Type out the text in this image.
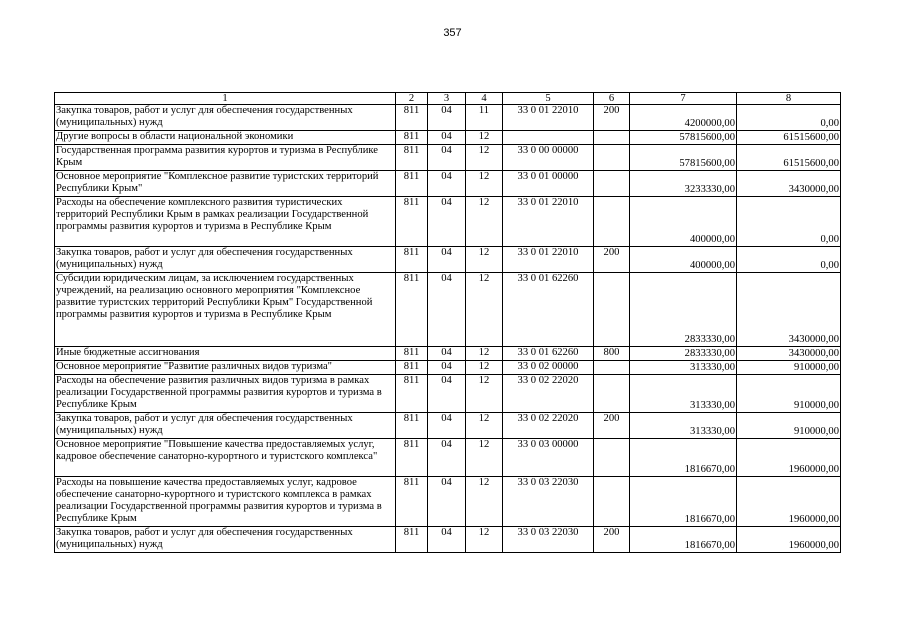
357
1	2	3	4	5	6	7	8
Закупка товаров, работ и услуг для обеспечения государственных (муниципальных) нужд	811	04	11	33 0 01 22010	200	4200000,00	0,00
Другие вопросы в области национальной экономики	811	04	12			57815600,00	61515600,00
Государственная программа развития курортов и туризма в Республике Крым	811	04	12	33 0 00 00000		57815600,00	61515600,00
Основное мероприятие "Комплексное развитие туристских территорий Республики Крым"	811	04	12	33 0 01 00000		3233330,00	3430000,00
Расходы на обеспечение комплексного развития туристических территорий Республики Крым в рамках реализации Государственной программы развития курортов и туризма в Республике Крым	811	04	12	33 0 01 22010		400000,00	0,00
Закупка товаров, работ и услуг для обеспечения государственных (муниципальных) нужд	811	04	12	33 0 01 22010	200	400000,00	0,00
Субсидии юридическим лицам, за исключением государственных учреждений, на реализацию основного мероприятия "Комплексное развитие туристских территорий Республики Крым" Государственной программы развития курортов и туризма в Республике Крым	811	04	12	33 0 01 62260		2833330,00	3430000,00
Иные бюджетные ассигнования	811	04	12	33 0 01 62260	800	2833330,00	3430000,00
Основное мероприятие "Развитие различных видов туризма"	811	04	12	33 0 02 00000		313330,00	910000,00
Расходы на обеспечение развития различных видов туризма в рамках реализации Государственной программы развития курортов и туризма в Республике Крым	811	04	12	33 0 02 22020		313330,00	910000,00
Закупка товаров, работ и услуг для обеспечения государственных (муниципальных) нужд	811	04	12	33 0 02 22020	200	313330,00	910000,00
Основное мероприятие "Повышение качества предоставляемых услуг, кадровое обеспечение санаторно-курортного и туристского комплекса"	811	04	12	33 0 03 00000		1816670,00	1960000,00
Расходы на повышение качества предоставляемых услуг, кадровое обеспечение санаторно-курортного и туристского комплекса в рамках реализации Государственной программы развития курортов и туризма в Республике Крым	811	04	12	33 0 03 22030		1816670,00	1960000,00
Закупка товаров, работ и услуг для обеспечения государственных (муниципальных) нужд	811	04	12	33 0 03 22030	200	1816670,00	1960000,00
